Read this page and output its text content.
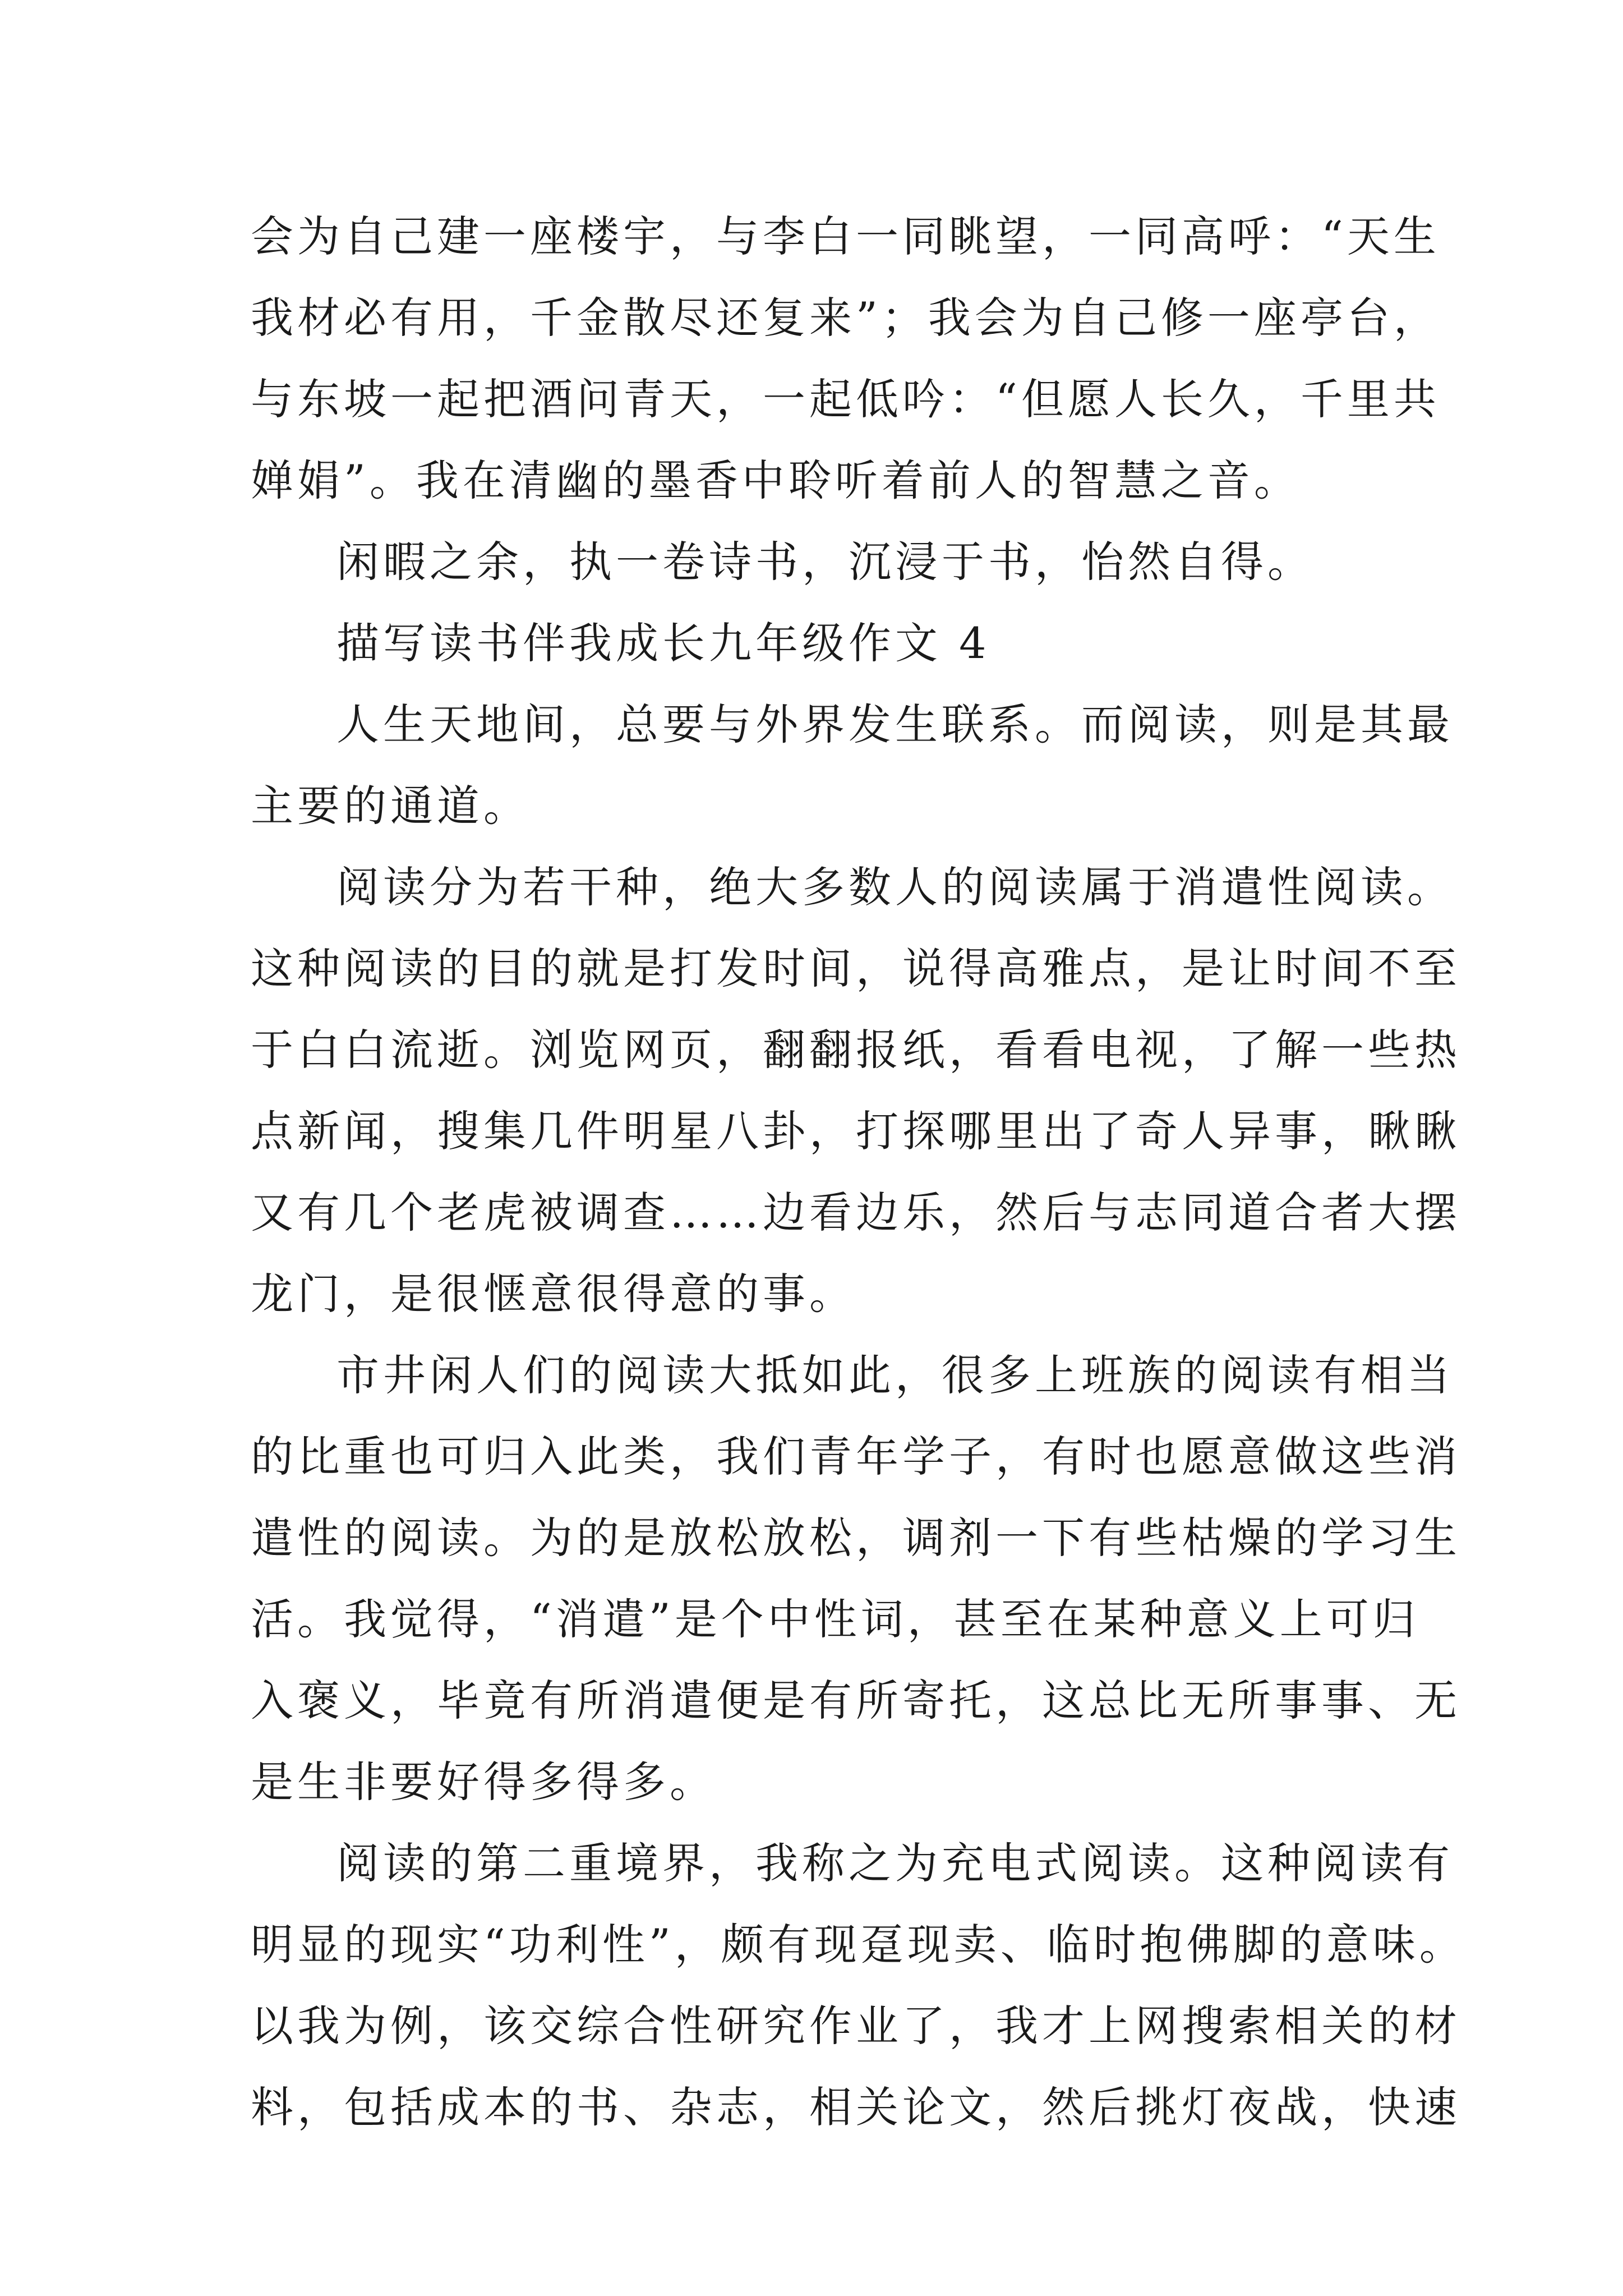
会为自己建一座楼宇，与李白一同眺望，一同高呼：“天生
我材必有用，千金散尽还复来”；我会为自己修一座亭台，
与东坡一起把酒问青天，一起低吟：“但愿人长久，千里共
婵娟”。我在清幽的墨香中聆听着前人的智慧之音。
闲暇之余，执一卷诗书，沉浸于书，怡然自得。
描写读书伴我成长九年级作文 4
人生天地间，总要与外界发生联系。而阅读，则是其最
主要的通道。
阅读分为若干种，绝大多数人的阅读属于消遣性阅读。
这种阅读的目的就是打发时间，说得高雅点，是让时间不至
于白白流逝。浏览网页，翻翻报纸，看看电视，了解一些热
点新闻，搜集几件明星八卦，打探哪里出了奇人异事，瞅瞅
又有几个老虎被调查……边看边乐，然后与志同道合者大摆
龙门，是很惬意很得意的事。
市井闲人们的阅读大抵如此，很多上班族的阅读有相当
的比重也可归入此类，我们青年学子，有时也愿意做这些消
遣性的阅读。为的是放松放松，调剂一下有些枯燥的学习生
活。我觉得，“消遣”是个中性词，甚至在某种意义上可归
入褒义，毕竟有所消遣便是有所寄托，这总比无所事事、无
是生非要好得多得多。
阅读的第二重境界，我称之为充电式阅读。这种阅读有
明显的现实“功利性”，颇有现趸现卖、临时抱佛脚的意味。
以我为例，该交综合性研究作业了，我才上网搜索相关的材
料，包括成本的书、杂志，相关论文，然后挑灯夜战，快速
